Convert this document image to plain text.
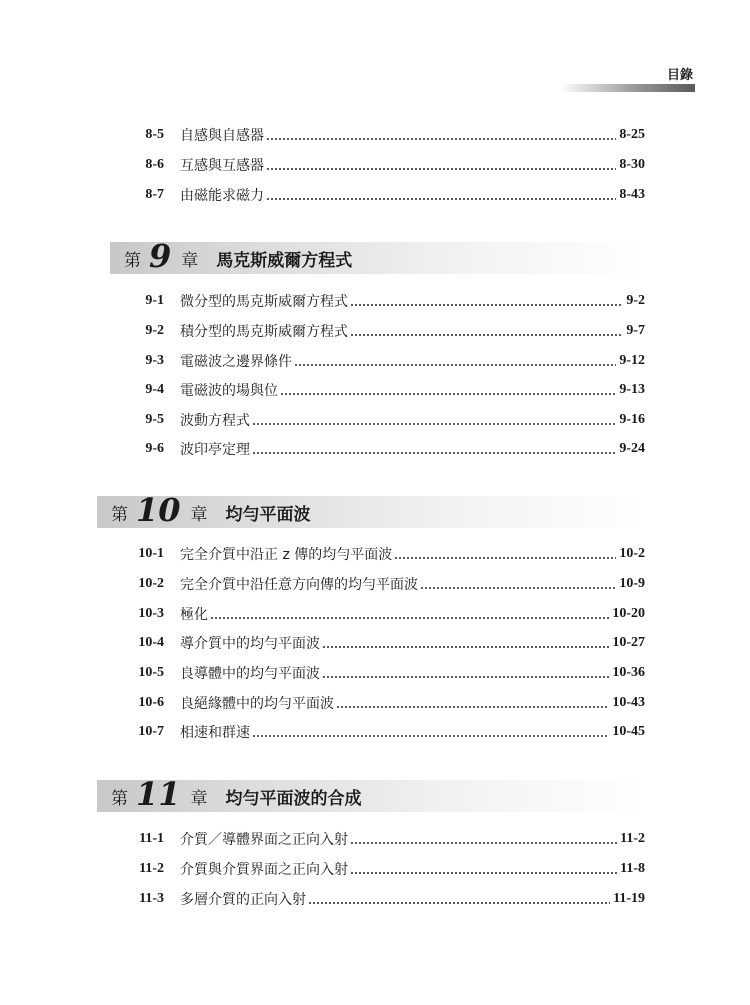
目錄
8-5	自感與自感器	8-25
8-6	互感與互感器	8-30
8-7	由磁能求磁力	8-43
第 9 章 馬克斯威爾方程式
9-1	微分型的馬克斯威爾方程式	9-2
9-2	積分型的馬克斯威爾方程式	9-7
9-3	電磁波之邊界條件	9-12
9-4	電磁波的場與位	9-13
9-5	波動方程式	9-16
9-6	波印亭定理	9-24
第 10 章 均勻平面波
10-1	完全介質中沿正 z 傳的均勻平面波	10-2
10-2	完全介質中沿任意方向傳的均勻平面波	10-9
10-3	極化	10-20
10-4	導介質中的均勻平面波	10-27
10-5	良導體中的均勻平面波	10-36
10-6	良絕緣體中的均勻平面波	10-43
10-7	相速和群速	10-45
第 11 章 均勻平面波的合成
11-1	介質／導體界面之正向入射	11-2
11-2	介質與介質界面之正向入射	11-8
11-3	多層介質的正向入射	11-19
